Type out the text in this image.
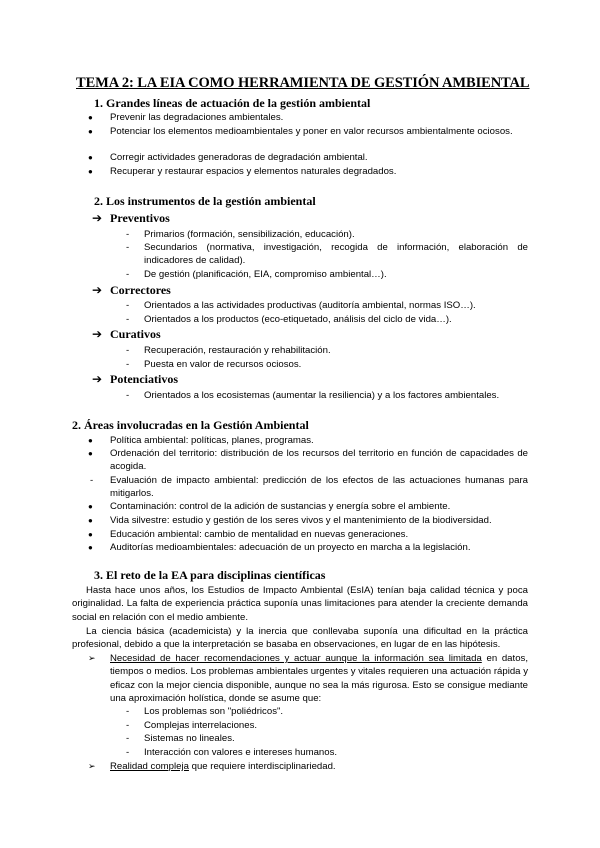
TEMA 2: LA EIA COMO HERRAMIENTA DE GESTIÓN AMBIENTAL
1. Grandes líneas de actuación de la gestión ambiental
● Prevenir las degradaciones ambientales.
● Potenciar los elementos medioambientales y poner en valor recursos ambientalmente ociosos.
● Corregir actividades generadoras de degradación ambiental.
● Recuperar y restaurar espacios y elementos naturales degradados.
2. Los instrumentos de la gestión ambiental
➔ Preventivos
- Primarios (formación, sensibilización, educación).
- Secundarios (normativa, investigación, recogida de información, elaboración de indicadores de calidad).
- De gestión (planificación, EIA, compromiso ambiental…).
➔ Correctores
- Orientados a las actividades productivas (auditoría ambiental, normas ISO…).
- Orientados a los productos (eco-etiquetado, análisis del ciclo de vida…).
➔ Curativos
- Recuperación, restauración y rehabilitación.
- Puesta en valor de recursos ociosos.
➔ Potenciativos
- Orientados a los ecosistemas (aumentar la resiliencia) y a los factores ambientales.
2. Áreas involucradas en la Gestión Ambiental
● Política ambiental: políticas, planes, programas.
● Ordenación del territorio: distribución de los recursos del territorio en función de capacidades de acogida.
- Evaluación de impacto ambiental: predicción de los efectos de las actuaciones humanas para mitigarlos.
● Contaminación: control de la adición de sustancias y energía sobre el ambiente.
● Vida silvestre: estudio y gestión de los seres vivos y el mantenimiento de la biodiversidad.
● Educación ambiental: cambio de mentalidad en nuevas generaciones.
● Auditorías medioambientales: adecuación de un proyecto en marcha a la legislación.
3. El reto de la EA para disciplinas científicas
Hasta hace unos años, los Estudios de Impacto Ambiental (EsIA) tenían baja calidad técnica y poca originalidad. La falta de experiencia práctica suponía unas limitaciones para atender la creciente demanda social en relación con el medio ambiente.
La ciencia básica (academicista) y la inercia que conllevaba suponía una dificultad en la práctica profesional, debido a que la interpretación se basaba en observaciones, en lugar de en las hipótesis.
➢ Necesidad de hacer recomendaciones y actuar aunque la información sea limitada en datos, tiempos o medios. Los problemas ambientales urgentes y vitales requieren una actuación rápida y eficaz con la mejor ciencia disponible, aunque no sea la más rigurosa. Esto se consigue mediante una aproximación holística, donde se asume que:
- Los problemas son "poliédricos".
- Complejas interrelaciones.
- Sistemas no lineales.
- Interacción con valores e intereses humanos.
➢ Realidad compleja que requiere interdisciplinariedad.
